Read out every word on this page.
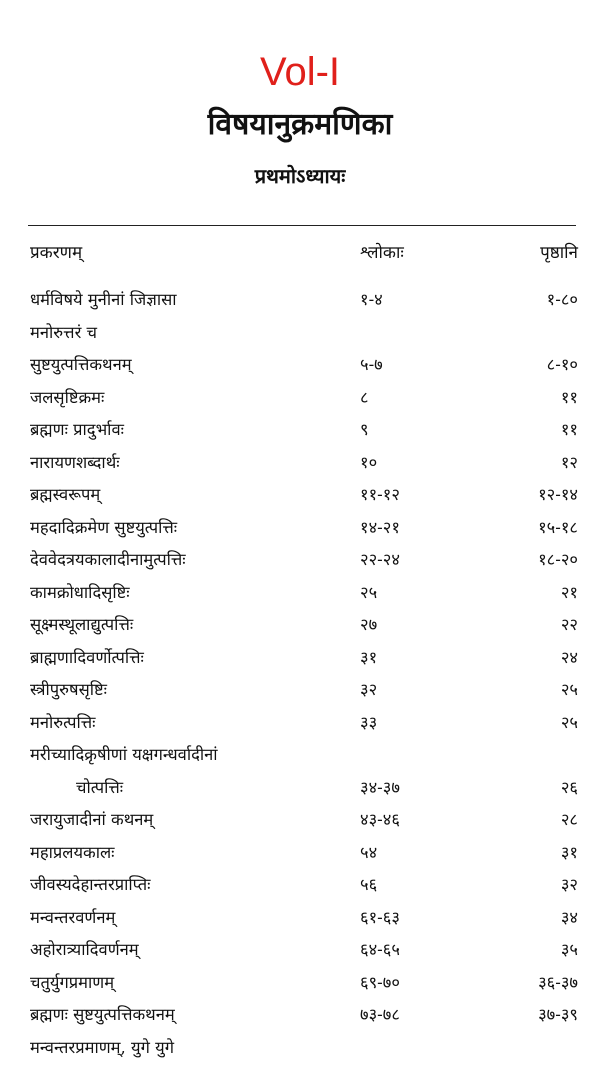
Vol-I
विषयानुक्रमणिका
प्रथमोऽध्यायः
प्रकरणम्	श्लोकाः	पृष्ठानि
धर्मविषये मुनीनां जिज्ञासा	१-४	१-८०
मनोरुत्तरं च
सुष्टयुत्पत्तिकथनम्	५-७	८-१०
जलसृष्टिक्रमः	८	११
ब्रह्मणः प्रादुर्भावः	९	११
नारायणशब्दार्थः	१०	१२
ब्रह्मस्वरूपम्	११-१२	१२-१४
महदादिक्रमेण सुष्टयुत्पत्तिः	१४-२१	१५-१८
देववेदत्रयकालादीनामुत्पत्तिः	२२-२४	१८-२०
कामक्रोधादिसृष्टिः	२५	२१
सूक्ष्मस्थूलाद्युत्पत्तिः	२७	२२
ब्राह्मणादिवर्णोत्पत्तिः	३१	२४
स्त्रीपुरुषसृष्टिः	३२	२५
मनोरुत्पत्तिः	३३	२५
मरीच्यादिक्रृषीणां यक्षगन्धर्वादीनां
चोत्पत्तिः	३४-३७	२६
जरायुजादीनां कथनम्	४३-४६	२८
महाप्रलयकालः	५४	३१
जीवस्यदेहान्तरप्राप्तिः	५६	३२
मन्वन्तरवर्णनम्	६१-६३	३४
अहोरात्र्यादिवर्णनम्	६४-६५	३५
चतुर्युगप्रमाणम्	६९-७०	३६-३७
ब्रह्मणः सुष्टयुत्पत्तिकथनम्	७३-७८	३७-३९
मन्वन्तरप्रमाणम्, युगे युगे
